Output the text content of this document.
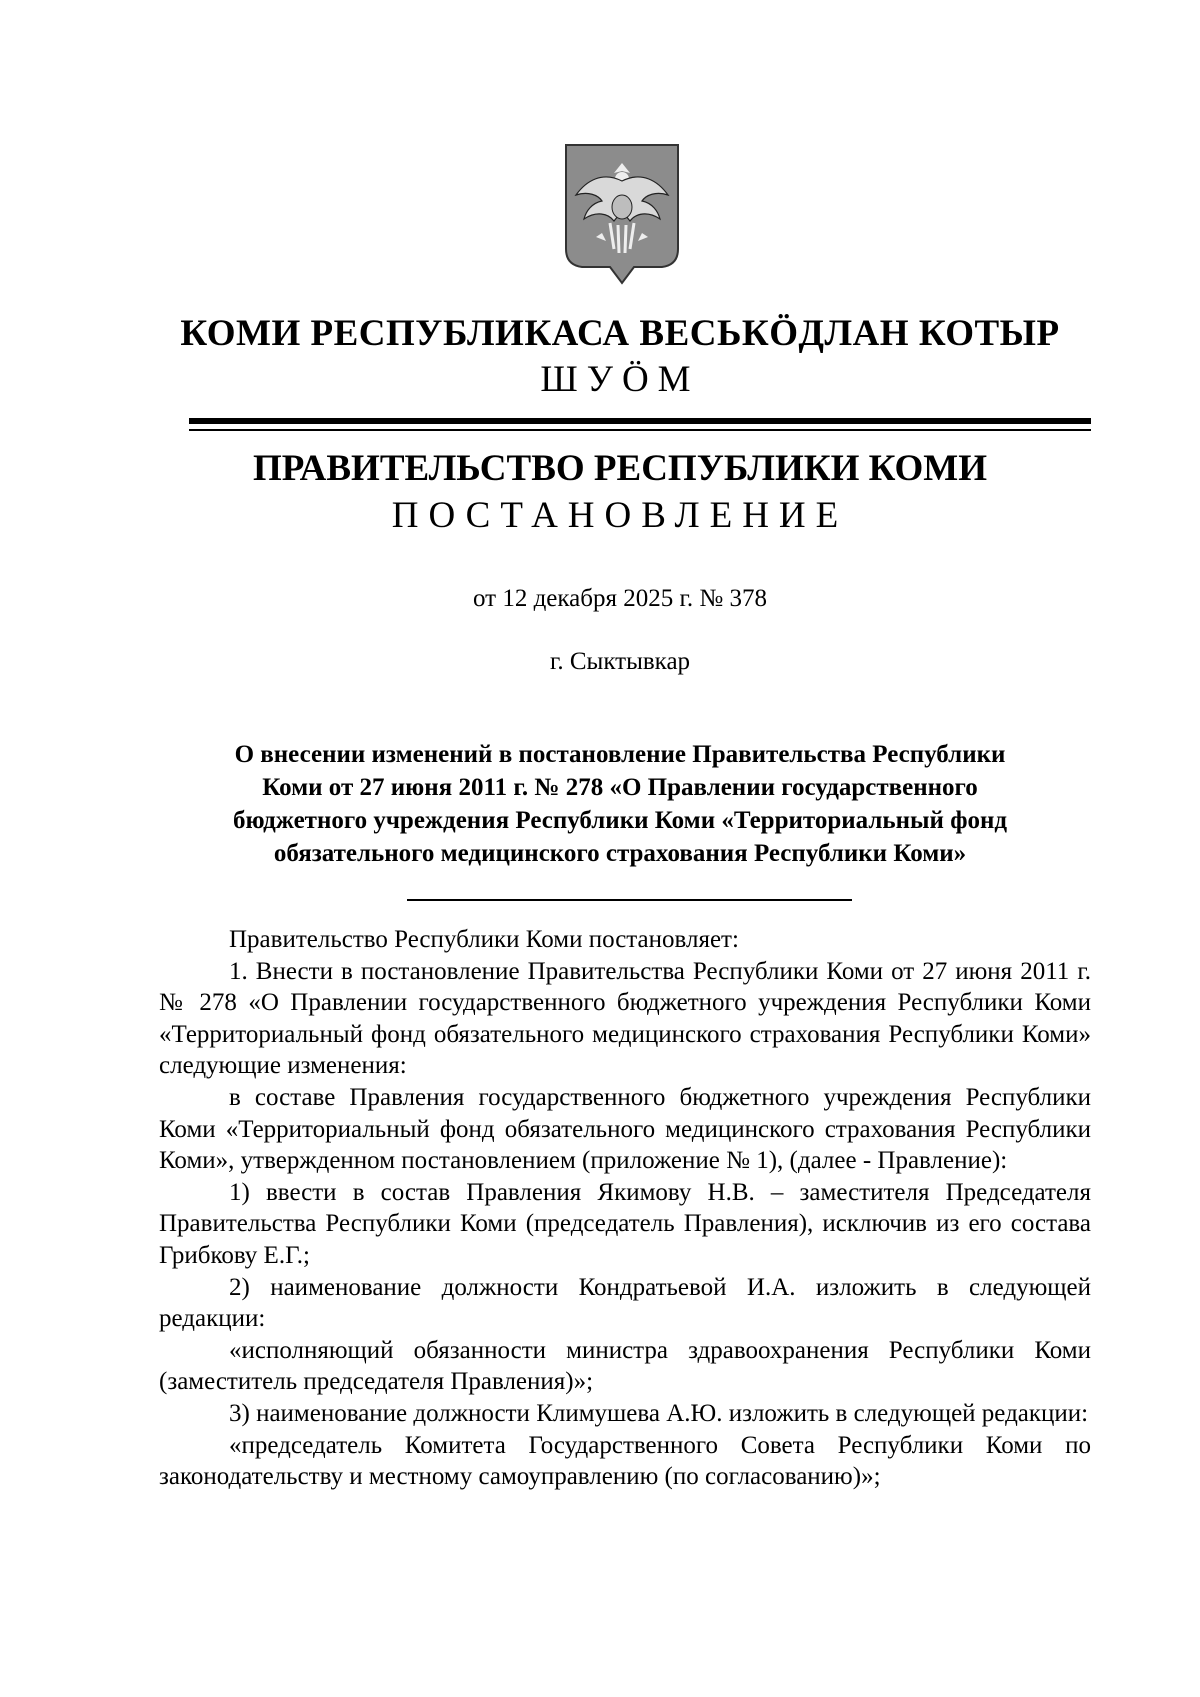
КОМИ РЕСПУБЛИКАСА ВЕСЬКӦДЛАН КОТЫР
ШУӦМ
ПРАВИТЕЛЬСТВО РЕСПУБЛИКИ КОМИ
ПОСТАНОВЛЕНИЕ
от 12 декабря 2025 г. № 378
г. Сыктывкар
О внесении изменений в постановление Правительства Республики
Коми от 27 июня 2011 г. № 278 «О Правлении государственного
бюджетного учреждения Республики Коми «Территориальный фонд
обязательного медицинского страхования Республики Коми»

Правительство Республики Коми постановляет:

1. Внести в постановление Правительства Республики Коми от 27 июня 2011 г. № 278 «О Правлении государственного бюджетного учреждения Республики Коми «Территориальный фонд обязательного медицинского страхования Республики Коми» следующие изменения:

в составе Правления государственного бюджетного учреждения Республики Коми «Территориальный фонд обязательного медицинского страхования Республики Коми», утвержденном постановлением (приложение № 1), (далее - Правление):

1) ввести в состав Правления Якимову Н.В. – заместителя Председателя Правительства Республики Коми (председатель Правления), исключив из его состава Грибкову Е.Г.;

2) наименование должности Кондратьевой И.А. изложить в следующей редакции:

«исполняющий обязанности министра здравоохранения Республики Коми (заместитель председателя Правления)»;

3) наименование должности Климушева А.Ю. изложить в следующей редакции:

«председатель Комитета Государственного Совета Республики Коми по законодательству и местному самоуправлению (по согласованию)»;
